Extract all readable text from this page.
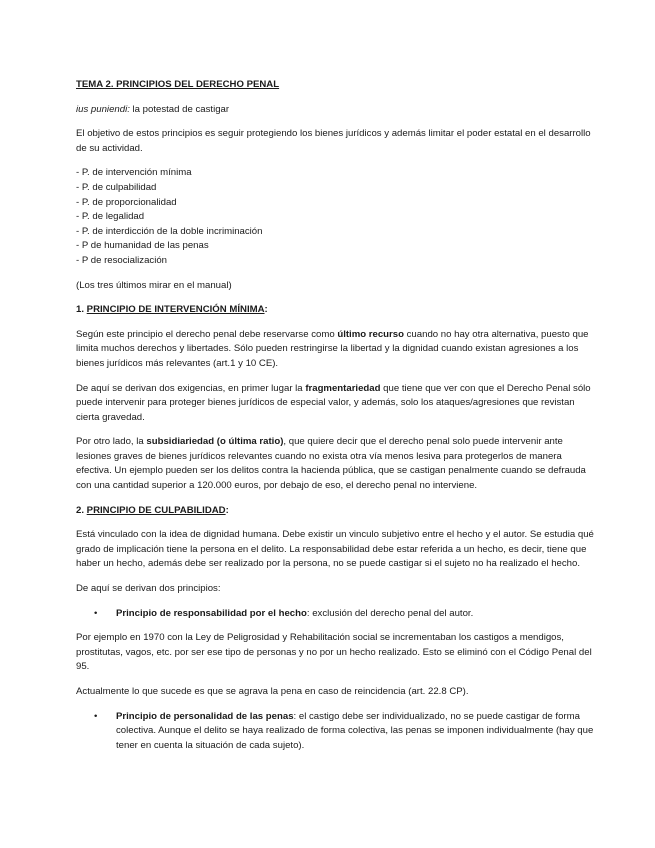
TEMA 2. PRINCIPIOS DEL DERECHO PENAL
ius puniendi: la potestad de castigar
El objetivo de estos principios es seguir protegiendo los bienes jurídicos y además limitar el poder estatal en el desarrollo de su actividad.
- P. de intervención mínima
- P. de culpabilidad
- P. de proporcionalidad
- P. de legalidad
- P. de interdicción de la doble incriminación
- P de humanidad de las penas
- P de resocialización
(Los tres últimos mirar en el manual)
1. PRINCIPIO DE INTERVENCIÓN MÍNIMA:
Según este principio el derecho penal debe reservarse como último recurso cuando no hay otra alternativa, puesto que limita muchos derechos y libertades. Sólo pueden restringirse la libertad y la dignidad cuando existan agresiones a los bienes jurídicos más relevantes (art.1 y 10 CE).
De aquí se derivan dos exigencias, en primer lugar la fragmentariedad que tiene que ver con que el Derecho Penal sólo puede intervenir para proteger bienes jurídicos de especial valor, y además, solo los ataques/agresiones que revistan cierta gravedad.
Por otro lado, la subsidiariedad (o última ratio), que quiere decir que el derecho penal solo puede intervenir ante lesiones graves de bienes jurídicos relevantes cuando no exista otra vía menos lesiva para protegerlos de manera efectiva. Un ejemplo pueden ser los delitos contra la hacienda pública, que se castigan penalmente cuando se defrauda con una cantidad superior a 120.000 euros, por debajo de eso, el derecho penal no interviene.
2. PRINCIPIO DE CULPABILIDAD:
Está vinculado con la idea de dignidad humana. Debe existir un vinculo subjetivo entre el hecho y el autor. Se estudia qué grado de implicación tiene la persona en el delito. La responsabilidad debe estar referida a un hecho, es decir, tiene que haber un hecho, además debe ser realizado por la persona, no se puede castigar si el sujeto no ha realizado el hecho.
De aquí se derivan dos principios:
• Principio de responsabilidad por el hecho: exclusión del derecho penal del autor.
Por ejemplo en 1970 con la Ley de Peligrosidad y Rehabilitación social se incrementaban los castigos a mendigos, prostitutas, vagos, etc. por ser ese tipo de personas y no por un hecho realizado. Esto se eliminó con el Código Penal del 95.
Actualmente lo que sucede es que se agrava la pena en caso de reincidencia (art. 22.8 CP).
• Principio de personalidad de las penas: el castigo debe ser individualizado, no se puede castigar de forma colectiva. Aunque el delito se haya realizado de forma colectiva, las penas se imponen individualmente (hay que tener en cuenta la situación de cada sujeto).
